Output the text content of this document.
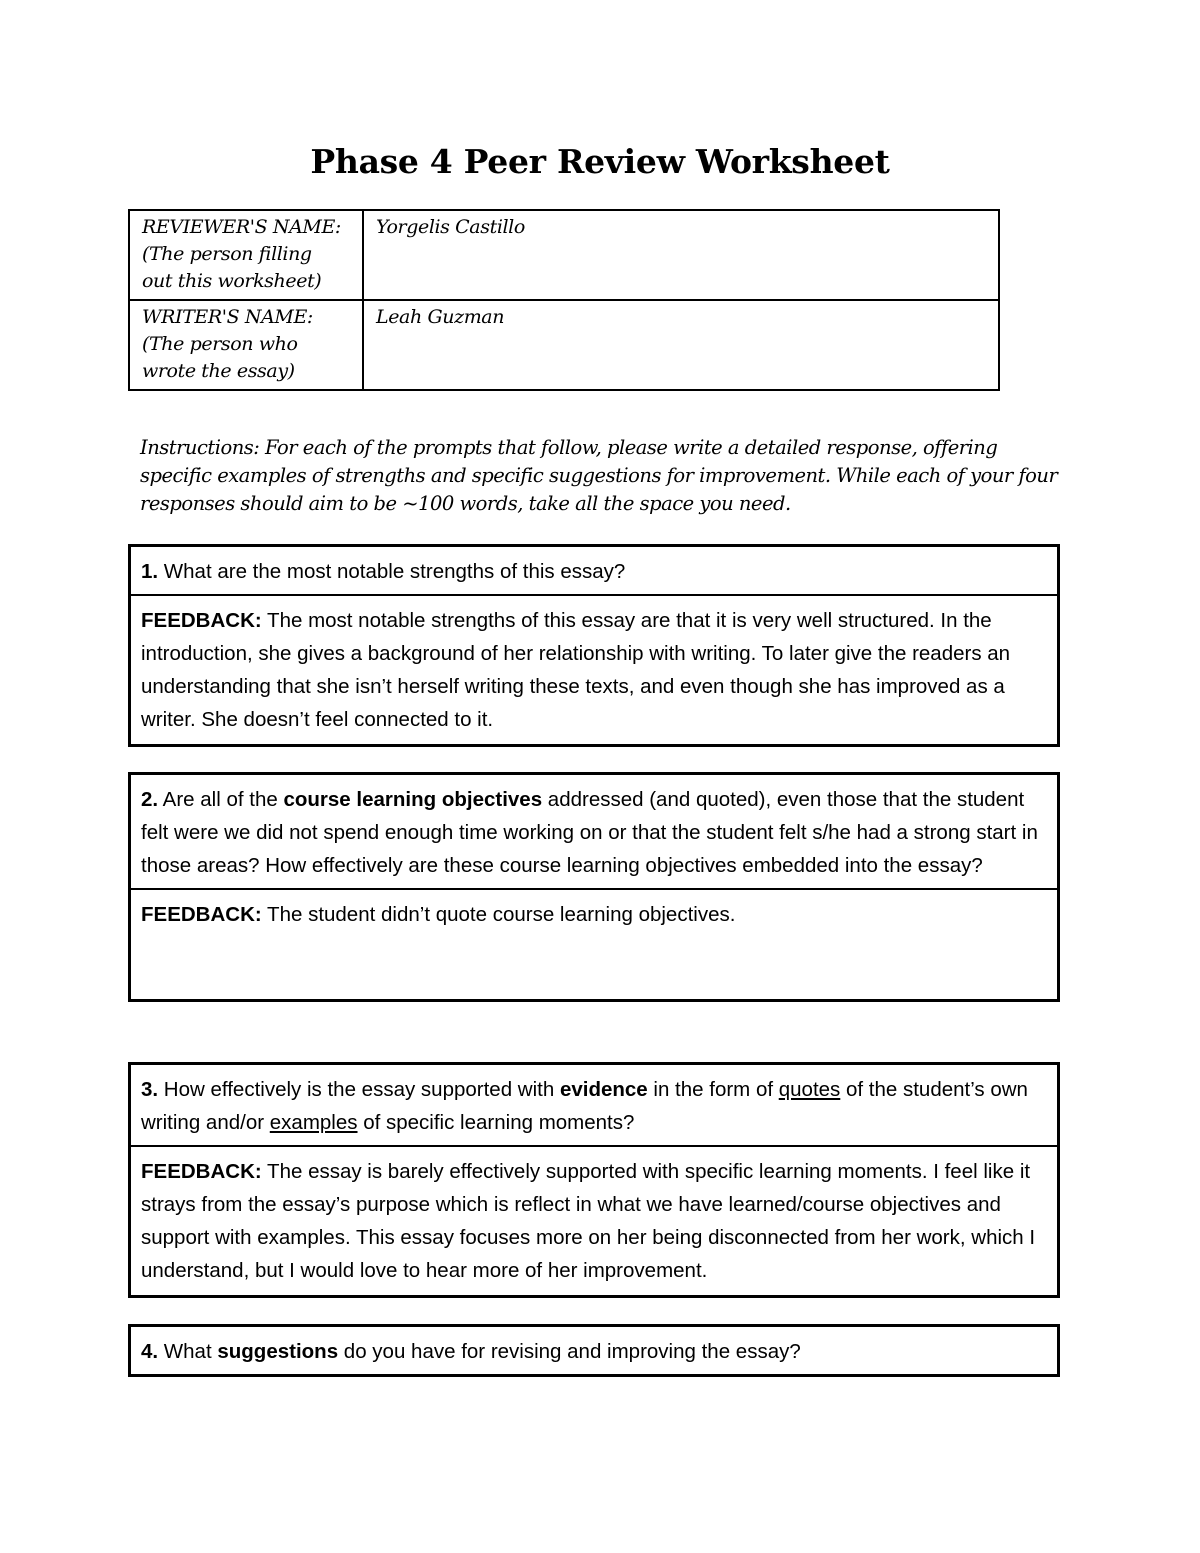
Phase 4 Peer Review Worksheet
REVIEWER'S NAME:
(The person filling
out this worksheet)	Yorgelis Castillo

WRITER'S NAME:
(The person who
wrote the essay)	Leah Guzman
Instructions: For each of the prompts that follow, please write a detailed response, offering specific examples of strengths and specific suggestions for improvement. While each of your four responses should aim to be ~100 words, take all the space you need.
1. What are the most notable strengths of this essay?
FEEDBACK: The most notable strengths of this essay are that it is very well structured. In the introduction, she gives a background of her relationship with writing. To later give the readers an understanding that she isn’t herself writing these texts, and even though she has improved as a writer. She doesn’t feel connected to it.
2. Are all of the course learning objectives addressed (and quoted), even those that the student felt were we did not spend enough time working on or that the student felt s/he had a strong start in those areas? How effectively are these course learning objectives embedded into the essay?
FEEDBACK: The student didn’t quote course learning objectives.
3. How effectively is the essay supported with evidence in the form of quotes of the student’s own writing and/or examples of specific learning moments?
FEEDBACK: The essay is barely effectively supported with specific learning moments. I feel like it strays from the essay’s purpose which is reflect in what we have learned/course objectives and support with examples. This essay focuses more on her being disconnected from her work, which I understand, but I would love to hear more of her improvement.
4. What suggestions do you have for revising and improving the essay?
